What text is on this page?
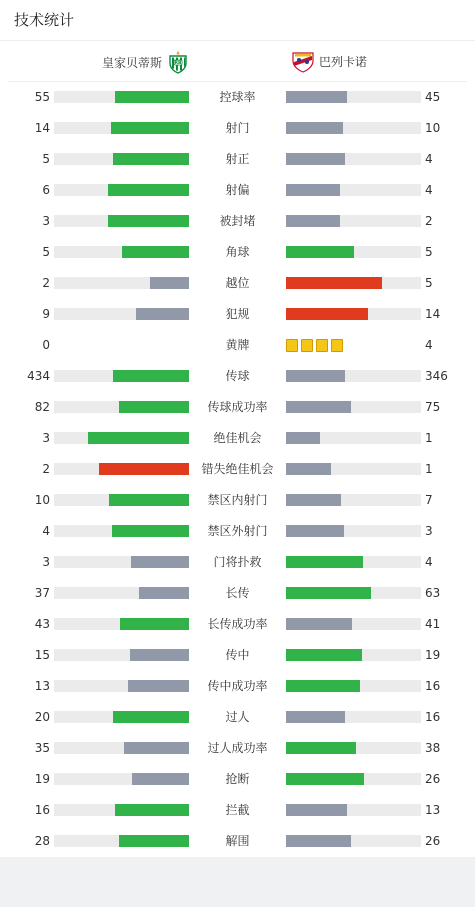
技术统计
皇家贝蒂斯	RB	巴列卡诺
55	控球率	45
14	射门	10
5	射正	4
6	射偏	4
3	被封堵	2
5	角球	5
2	越位	5
9	犯规	14
0	黄牌	4
434	传球	346
82	传球成功率	75
3	绝佳机会	1
2	错失绝佳机会	1
10	禁区内射门	7
4	禁区外射门	3
3	门将扑救	4
37	长传	63
43	长传成功率	41
15	传中	19
13	传中成功率	16
20	过人	16
35	过人成功率	38
19	抢断	26
16	拦截	13
28	解围	26
